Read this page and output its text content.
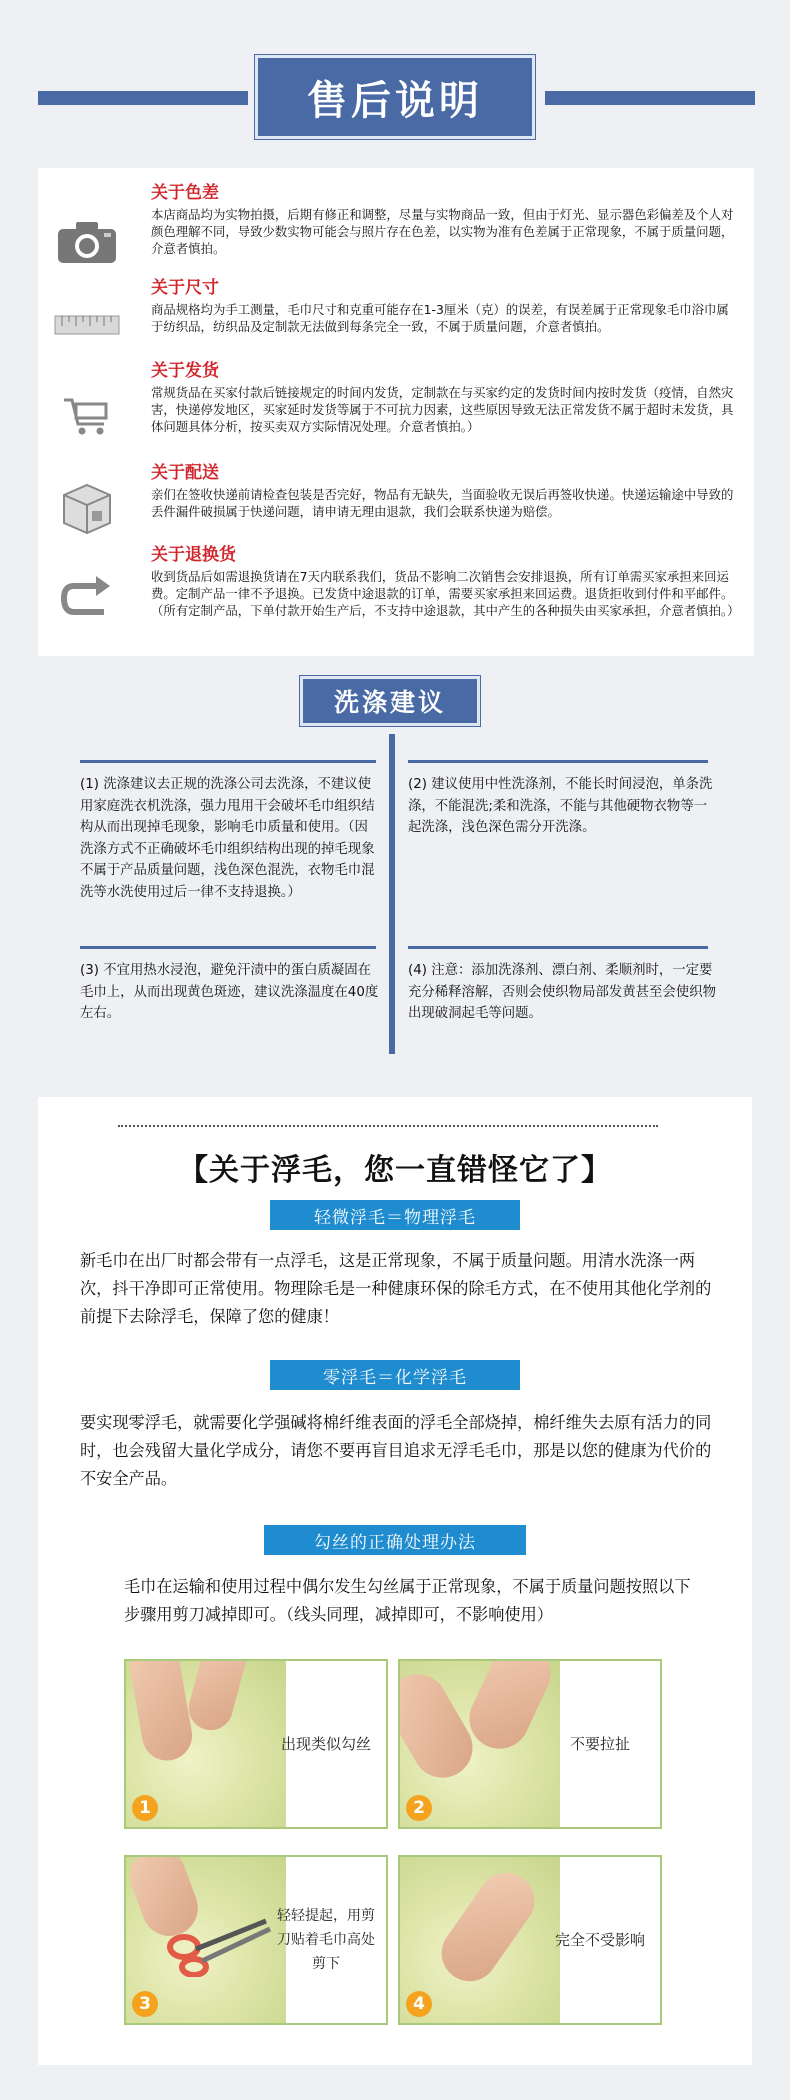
售后说明
关于色差
本店商品均为实物拍摄，后期有修正和调整，尽量与实物商品一致，但由于灯光、显示器色彩偏差及个人对颜色理解不同，导致少数实物可能会与照片存在色差，以实物为准有色差属于正常现象，不属于质量问题，介意者慎拍。
关于尺寸
商品规格均为手工测量，毛巾尺寸和克重可能存在1-3厘米（克）的误差，有误差属于正常现象毛巾浴巾属于纺织品，纺织品及定制款无法做到每条完全一致，不属于质量问题，介意者慎拍。
关于发货
常规货品在买家付款后链接规定的时间内发货，定制款在与买家约定的发货时间内按时发货（疫情，自然灾害，快递停发地区，买家延时发货等属于不可抗力因素，这些原因导致无法正常发货不属于超时未发货，具体问题具体分析，按买卖双方实际情况处理。介意者慎拍。）
关于配送
亲们在签收快递前请检查包装是否完好，物品有无缺失，当面验收无误后再签收快递。快递运输途中导致的丢件漏件破损属于快递问题，请申请无理由退款，我们会联系快递为赔偿。
关于退换货
收到货品后如需退换货请在7天内联系我们，货品不影响二次销售会安排退换，所有订单需买家承担来回运费。定制产品一律不予退换。已发货中途退款的订单，需要买家承担来回运费。退货拒收到付件和平邮件。（所有定制产品，下单付款开始生产后，不支持中途退款，其中产生的各种损失由买家承担，介意者慎拍。）
洗涤建议
(1) 洗涤建议去正规的洗涤公司去洗涤，不建议使用家庭洗衣机洗涤，强力甩用干会破坏毛巾组织结构从而出现掉毛现象，影响毛巾质量和使用。（因洗涤方式不正确破坏毛巾组织结构出现的掉毛现象不属于产品质量问题，浅色深色混洗，衣物毛巾混洗等水洗使用过后一律不支持退换。）
(2) 建议使用中性洗涤剂，不能长时间浸泡，单条洗涤，不能混洗;柔和洗涤，不能与其他硬物衣物等一起洗涤，浅色深色需分开洗涤。
(3) 不宜用热水浸泡，避免汗渍中的蛋白质凝固在毛巾上，从而出现黄色斑迹，建议洗涤温度在40度左右。
(4) 注意：添加洗涤剂、漂白剂、柔顺剂时，一定要充分稀释溶解，否则会使织物局部发黄甚至会使织物出现破洞起毛等问题。
【关于浮毛，您一直错怪它了】
轻微浮毛＝物理浮毛
新毛巾在出厂时都会带有一点浮毛，这是正常现象，不属于质量问题。用清水洗涤一两次，抖干净即可正常使用。物理除毛是一种健康环保的除毛方式，在不使用其他化学剂的前提下去除浮毛，保障了您的健康！
零浮毛＝化学浮毛
要实现零浮毛，就需要化学强碱将棉纤维表面的浮毛全部烧掉，棉纤维失去原有活力的同时，也会残留大量化学成分，请您不要再盲目追求无浮毛毛巾，那是以您的健康为代价的不安全产品。
勾丝的正确处理办法
毛巾在运输和使用过程中偶尔发生勾丝属于正常现象，不属于质量问题按照以下步骤用剪刀减掉即可。（线头同理，减掉即可，不影响使用）
1
出现类似勾丝
2
不要拉扯
3
轻轻提起，用剪刀贴着毛巾高处剪下
4
完全不受影响
